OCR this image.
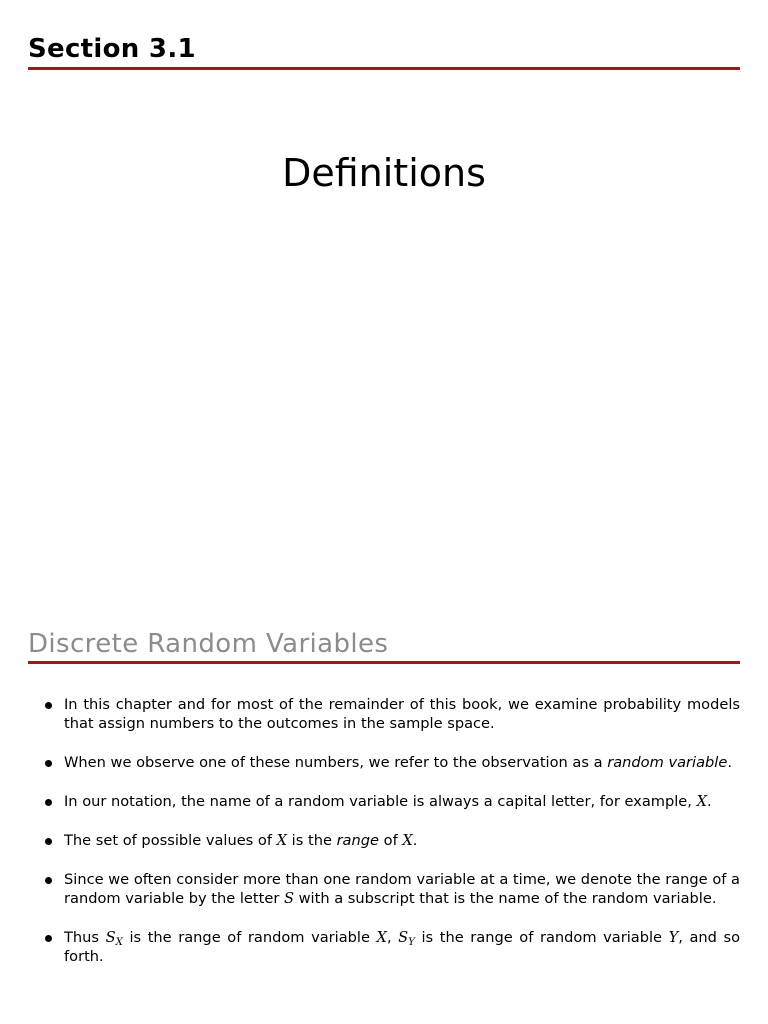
Section 3.1
Definitions
Discrete Random Variables
In this chapter and for most of the remainder of this book, we examine probability models that assign numbers to the outcomes in the sample space.
When we observe one of these numbers, we refer to the observation as a random variable.
In our notation, the name of a random variable is always a capital letter, for example, X.
The set of possible values of X is the range of X.
Since we often consider more than one random variable at a time, we denote the range of a random variable by the letter S with a subscript that is the name of the random variable.
Thus $S_X$ is the range of random variable X, $S_Y$ is the range of random variable Y, and so forth.
